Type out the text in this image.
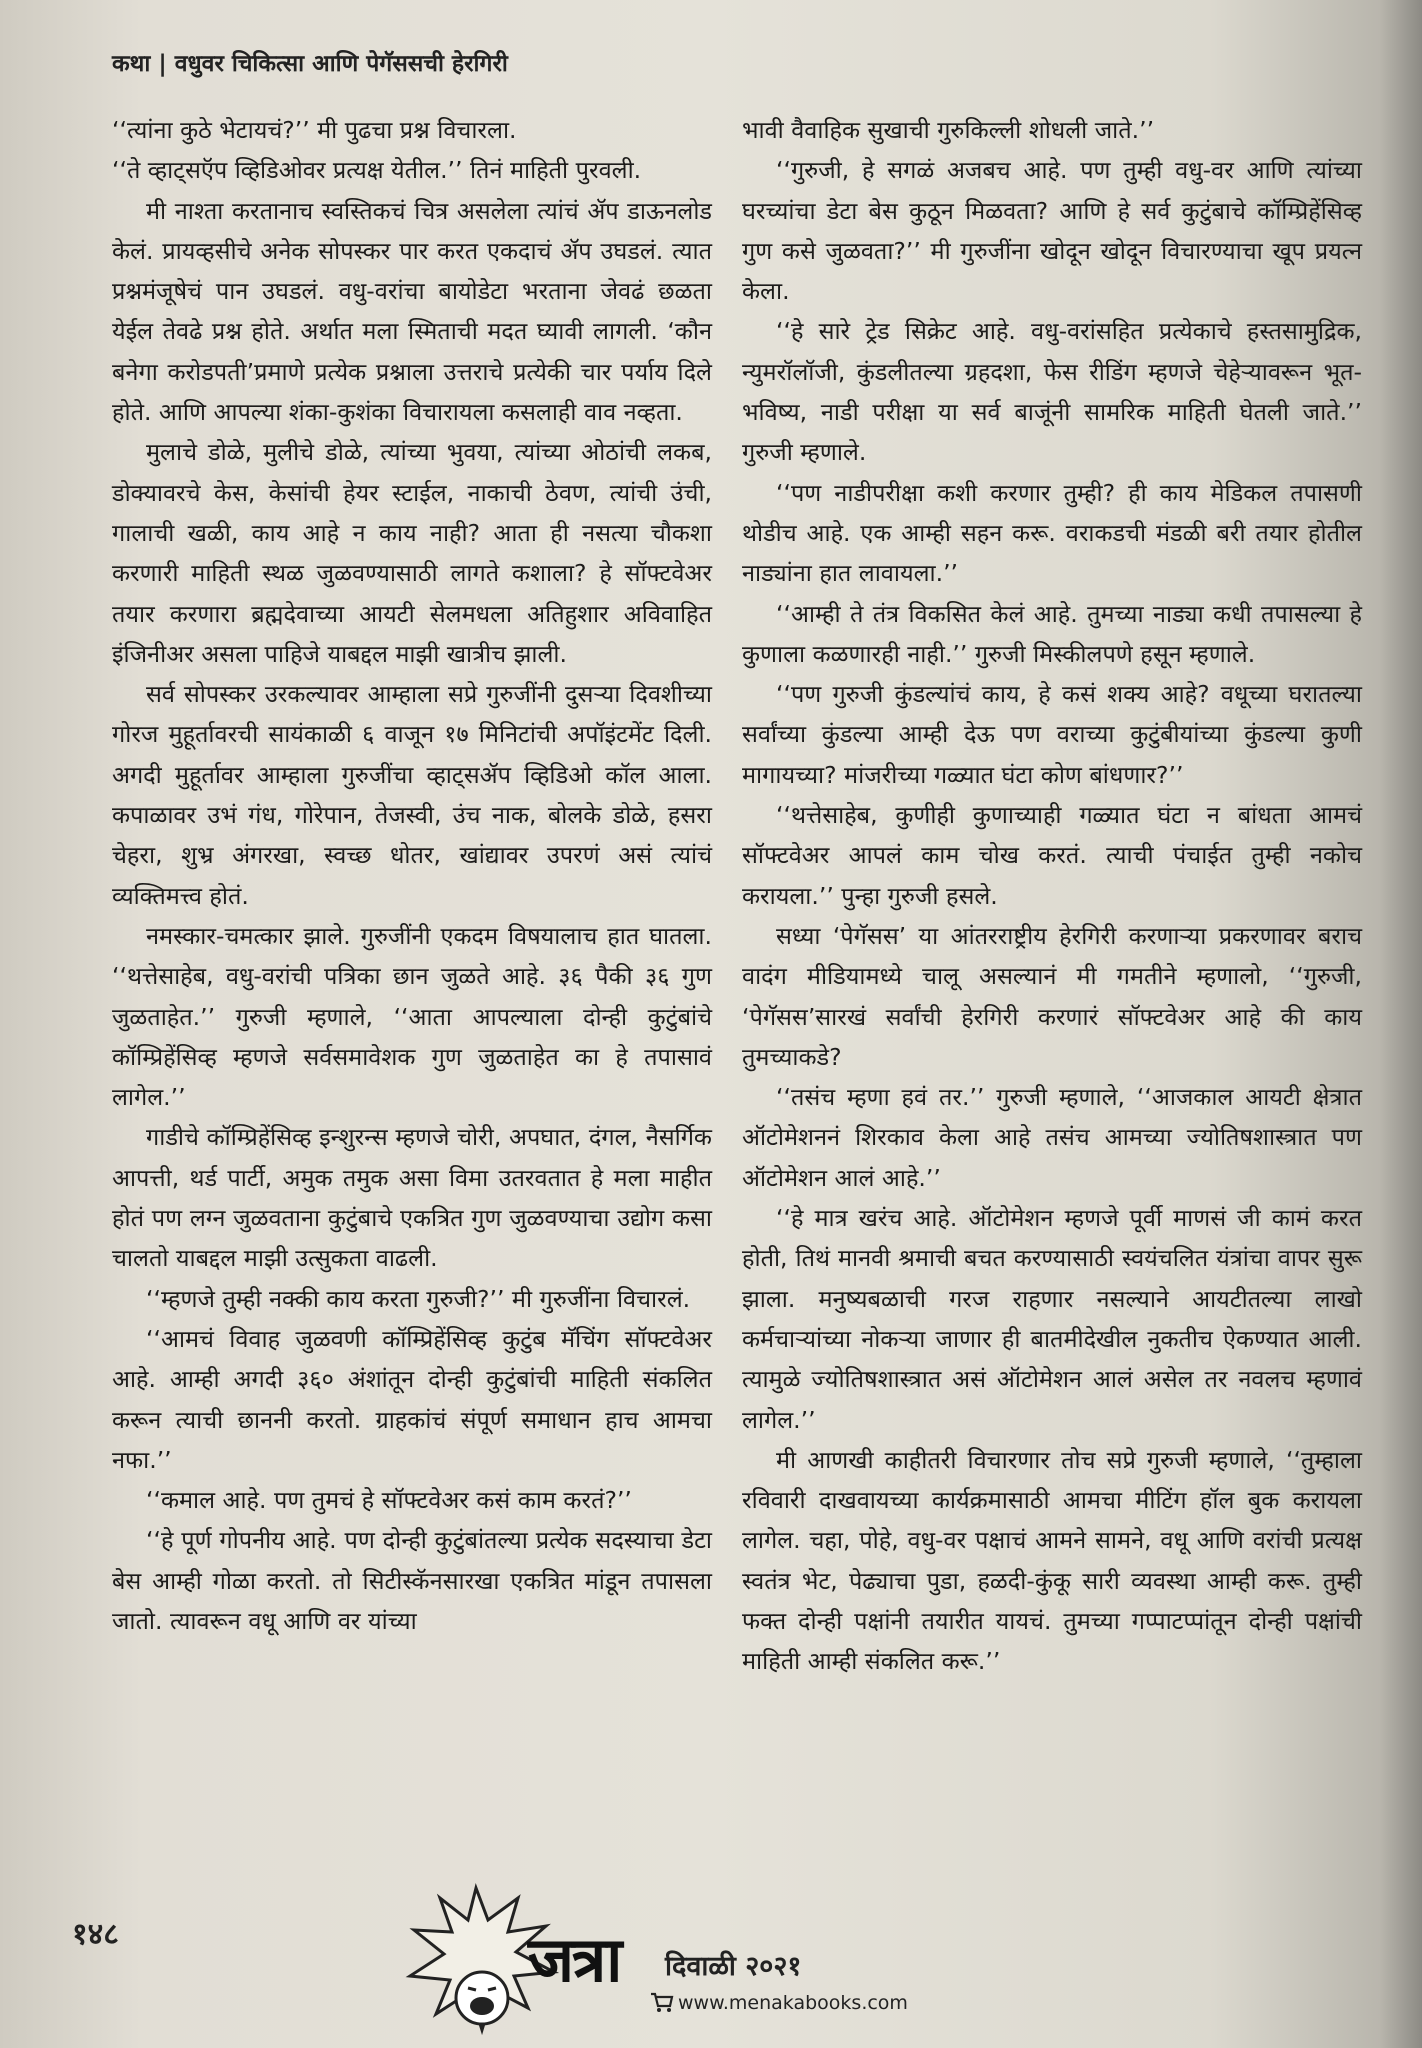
कथा | वधुवर चिकित्सा आणि पेगॅससची हेरगिरी

‘‘त्यांना कुठे भेटायचं?’’ मी पुढचा प्रश्न विचारला.

‘‘ते व्हाट्सऍप व्हिडिओवर प्रत्यक्ष येतील.’’ तिनं माहिती पुरवली.

मी नाश्ता करतानाच स्वस्तिकचं चित्र असलेला त्यांचं ॲप डाऊनलोड केलं. प्रायव्हसीचे अनेक सोपस्कर पार करत एकदाचं ॲप उघडलं. त्यात प्रश्नमंजूषेचं पान उघडलं. वधु-वरांचा बायोडेटा भरताना जेवढं छळता येईल तेवढे प्रश्न होते. अर्थात मला स्मिताची मदत घ्यावी लागली. ‘कौन बनेगा करोडपती’प्रमाणे प्रत्येक प्रश्नाला उत्तराचे प्रत्येकी चार पर्याय दिले होते. आणि आपल्या शंका-कुशंका विचारायला कसलाही वाव नव्हता.

मुलाचे डोळे, मुलीचे डोळे, त्यांच्या भुवया, त्यांच्या ओठांची लकब, डोक्यावरचे केस, केसांची हेयर स्टाईल, नाकाची ठेवण, त्यांची उंची, गालाची खळी, काय आहे न काय नाही? आता ही नसत्या चौकशा करणारी माहिती स्थळ जुळवण्यासाठी लागते कशाला? हे सॉफ्टवेअर तयार करणारा ब्रह्मदेवाच्या आयटी सेलमधला अतिहुशार अविवाहित इंजिनीअर असला पाहिजे याबद्दल माझी खात्रीच झाली.

सर्व सोपस्कर उरकल्यावर आम्हाला सप्रे गुरुजींनी दुसऱ्या दिवशीच्या गोरज मुहूर्तावरची सायंकाळी ६ वाजून १७ मिनिटांची अपॉइंटमेंट दिली. अगदी मुहूर्तावर आम्हाला गुरुजींचा व्हाट्सॲप व्हिडिओ कॉल आला. कपाळावर उभं गंध, गोरेपान, तेजस्वी, उंच नाक, बोलके डोळे, हसरा चेहरा, शुभ्र अंगरखा, स्वच्छ धोतर, खांद्यावर उपरणं असं त्यांचं व्यक्तिमत्त्व होतं.

नमस्कार-चमत्कार झाले. गुरुजींनी एकदम विषयालाच हात घातला. ‘‘थत्तेसाहेब, वधु-वरांची पत्रिका छान जुळते आहे. ३६ पैकी ३६ गुण जुळताहेत.’’ गुरुजी म्हणाले, ‘‘आता आपल्याला दोन्ही कुटुंबांचे कॉम्प्रिहेंसिव्ह म्हणजे सर्वसमावेशक गुण जुळताहेत का हे तपासावं लागेल.’’

गाडीचे कॉम्प्रिहेंसिव्ह इन्शुरन्स म्हणजे चोरी, अपघात, दंगल, नैसर्गिक आपत्ती, थर्ड पार्टी, अमुक तमुक असा विमा उतरवतात हे मला माहीत होतं पण लग्न जुळवताना कुटुंबाचे एकत्रित गुण जुळवण्याचा उद्योग कसा चालतो याबद्दल माझी उत्सुकता वाढली.

‘‘म्हणजे तुम्ही नक्की काय करता गुरुजी?’’ मी गुरुजींना विचारलं.

‘‘आमचं विवाह जुळवणी कॉम्प्रिहेंसिव्ह कुटुंब मॅचिंग सॉफ्टवेअर आहे. आम्ही अगदी ३६० अंशांतून दोन्ही कुटुंबांची माहिती संकलित करून त्याची छाननी करतो. ग्राहकांचं संपूर्ण समाधान हाच आमचा नफा.’’

‘‘कमाल आहे. पण तुमचं हे सॉफ्टवेअर कसं काम करतं?’’

‘‘हे पूर्ण गोपनीय आहे. पण दोन्ही कुटुंबांतल्या प्रत्येक सदस्याचा डेटा बेस आम्ही गोळा करतो. तो सिटीस्कॅनसारखा एकत्रित मांडून तपासला जातो. त्यावरून वधू आणि वर यांच्या

भावी वैवाहिक सुखाची गुरुकिल्ली शोधली जाते.’’

‘‘गुरुजी, हे सगळं अजबच आहे. पण तुम्ही वधु-वर आणि त्यांच्या घरच्यांचा डेटा बेस कुठून मिळवता? आणि हे सर्व कुटुंबाचे कॉम्प्रिहेंसिव्ह गुण कसे जुळवता?’’ मी गुरुजींना खोदून खोदून विचारण्याचा खूप प्रयत्न केला.

‘‘हे सारे ट्रेड सिक्रेट आहे. वधु-वरांसहित प्रत्येकाचे हस्तसामुद्रिक, न्युमरॉलॉजी, कुंडलीतल्या ग्रहदशा, फेस रीडिंग म्हणजे चेहेऱ्यावरून भूत-भविष्य, नाडी परीक्षा या सर्व बाजूंनी सामरिक माहिती घेतली जाते.’’ गुरुजी म्हणाले.

‘‘पण नाडीपरीक्षा कशी करणार तुम्ही? ही काय मेडिकल तपासणी थोडीच आहे. एक आम्ही सहन करू. वराकडची मंडळी बरी तयार होतील नाड्यांना हात लावायला.’’

‘‘आम्ही ते तंत्र विकसित केलं आहे. तुमच्या नाड्या कधी तपासल्या हे कुणाला कळणारही नाही.’’ गुरुजी मिस्कीलपणे हसून म्हणाले.

‘‘पण गुरुजी कुंडल्यांचं काय, हे कसं शक्य आहे? वधूच्या घरातल्या सर्वांच्या कुंडल्या आम्ही देऊ पण वराच्या कुटुंबीयांच्या कुंडल्या कुणी मागायच्या? मांजरीच्या गळ्यात घंटा कोण बांधणार?’’

‘‘थत्तेसाहेब, कुणीही कुणाच्याही गळ्यात घंटा न बांधता आमचं सॉफ्टवेअर आपलं काम चोख करतं. त्याची पंचाईत तुम्ही नकोच करायला.’’ पुन्हा गुरुजी हसले.

सध्या ‘पेगॅसस’ या आंतरराष्ट्रीय हेरगिरी करणाऱ्या प्रकरणावर बराच वादंग मीडियामध्ये चालू असल्यानं मी गमतीने म्हणालो, ‘‘गुरुजी, ‘पेगॅसस’सारखं सर्वांची हेरगिरी करणारं सॉफ्टवेअर आहे की काय तुमच्याकडे?

‘‘तसंच म्हणा हवं तर.’’ गुरुजी म्हणाले, ‘‘आजकाल आयटी क्षेत्रात ऑटोमेशननं शिरकाव केला आहे तसंच आमच्या ज्योतिषशास्त्रात पण ऑटोमेशन आलं आहे.’’

‘‘हे मात्र खरंच आहे. ऑटोमेशन म्हणजे पूर्वी माणसं जी कामं करत होती, तिथं मानवी श्रमाची बचत करण्यासाठी स्वयंचलित यंत्रांचा वापर सुरू झाला. मनुष्यबळाची गरज राहणार नसल्याने आयटीतल्या लाखो कर्मचाऱ्यांच्या नोकऱ्या जाणार ही बातमीदेखील नुकतीच ऐकण्यात आली. त्यामुळे ज्योतिषशास्त्रात असं ऑटोमेशन आलं असेल तर नवलच म्हणावं लागेल.’’

मी आणखी काहीतरी विचारणार तोच सप्रे गुरुजी म्हणाले, ‘‘तुम्हाला रविवारी दाखवायच्या कार्यक्रमासाठी आमचा मीटिंग हॉल बुक करायला लागेल. चहा, पोहे, वधु-वर पक्षाचं आमने सामने, वधू आणि वरांची प्रत्यक्ष स्वतंत्र भेट, पेढ्याचा पुडा, हळदी-कुंकू सारी व्यवस्था आम्ही करू. तुम्ही फक्त दोन्ही पक्षांनी तयारीत यायचं. तुमच्या गप्पाटप्पांतून दोन्ही पक्षांची माहिती आम्ही संकलित करू.’’

१४८	जत्रा दिवाळी २०२१
www.menakabooks.com
